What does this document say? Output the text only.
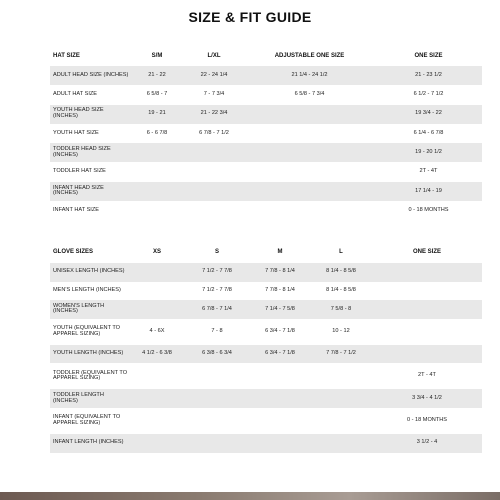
SIZE & FIT GUIDE
HAT SIZE	S/M	L/XL	ADJUSTABLE ONE SIZE	ONE SIZE
ADULT HEAD SIZE (INCHES)	21 - 22	22 - 24 1/4	21 1/4 - 24 1/2	21 - 23 1/2
ADULT HAT SIZE	6 5/8 - 7	7 - 7 3/4	6 5/8 - 7 3/4	6 1/2 - 7 1/2
YOUTH HEAD SIZE (INCHES)	19 - 21	21 - 22 3/4		19 3/4 - 22
YOUTH HAT SIZE	6 - 6 7/8	6 7/8 - 7 1/2		6 1/4 - 6 7/8
TODDLER HEAD SIZE (INCHES)				19 - 20 1/2
TODDLER HAT SIZE				2T - 4T
INFANT HEAD SIZE (INCHES)				17 1/4 - 19
INFANT HAT SIZE				0 - 18 MONTHS
GLOVE SIZES	XS	S	M	L	ONE SIZE
UNISEX LENGTH (INCHES)		7 1/2 - 7 7/8	7 7/8 - 8 1/4	8 1/4 - 8 5/8	
MEN'S LENGTH (INCHES)		7 1/2 - 7 7/8	7 7/8 - 8 1/4	8 1/4 - 8 5/8	
WOMEN'S LENGTH (INCHES)		6 7/8 - 7 1/4	7 1/4 - 7 5/8	7 5/8 - 8	
YOUTH (EQUIVALENT TO APPAREL SIZING)	4 - 6X	7 - 8	6 3/4 - 7 1/8	10 - 12	
YOUTH LENGTH (INCHES)	4 1/2 - 6 3/8	6 3/8 - 6 3/4	6 3/4 - 7 1/8	7 7/8 - 7 1/2	
TODDLER (EQUIVALENT TO APPAREL SIZING)					2T - 4T
TODDLER LENGTH (INCHES)					3 3/4 - 4 1/2
INFANT (EQUIVALENT TO APPAREL SIZING)					0 - 18 MONTHS
INFANT LENGTH (INCHES)					3 1/2 - 4
